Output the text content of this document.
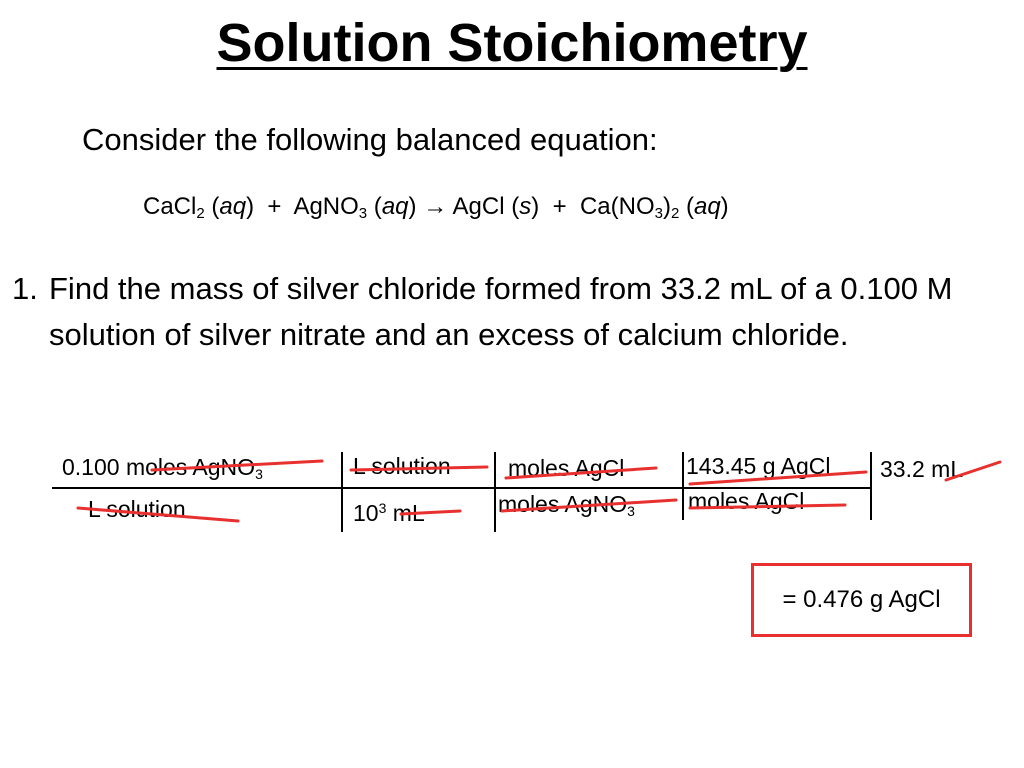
Solution Stoichiometry
Consider the following balanced equation:
CaCl$_2$ (aq) + AgNO$_3$ (aq) → AgCl $(s) + Ca(NO_3)_2$ (aq)
1. Find the mass of silver chloride formed from 33.2 mL of a 0.100 M solution of silver nitrate and an excess of calcium chloride.
0.100 moles AgNO$_3$
L solution
L solution
$10^3$ mL
moles AgCl
moles AgNO$_3$
143.45 g AgCl
moles AgCl
33.2 mL
= 0.476 g AgCl
